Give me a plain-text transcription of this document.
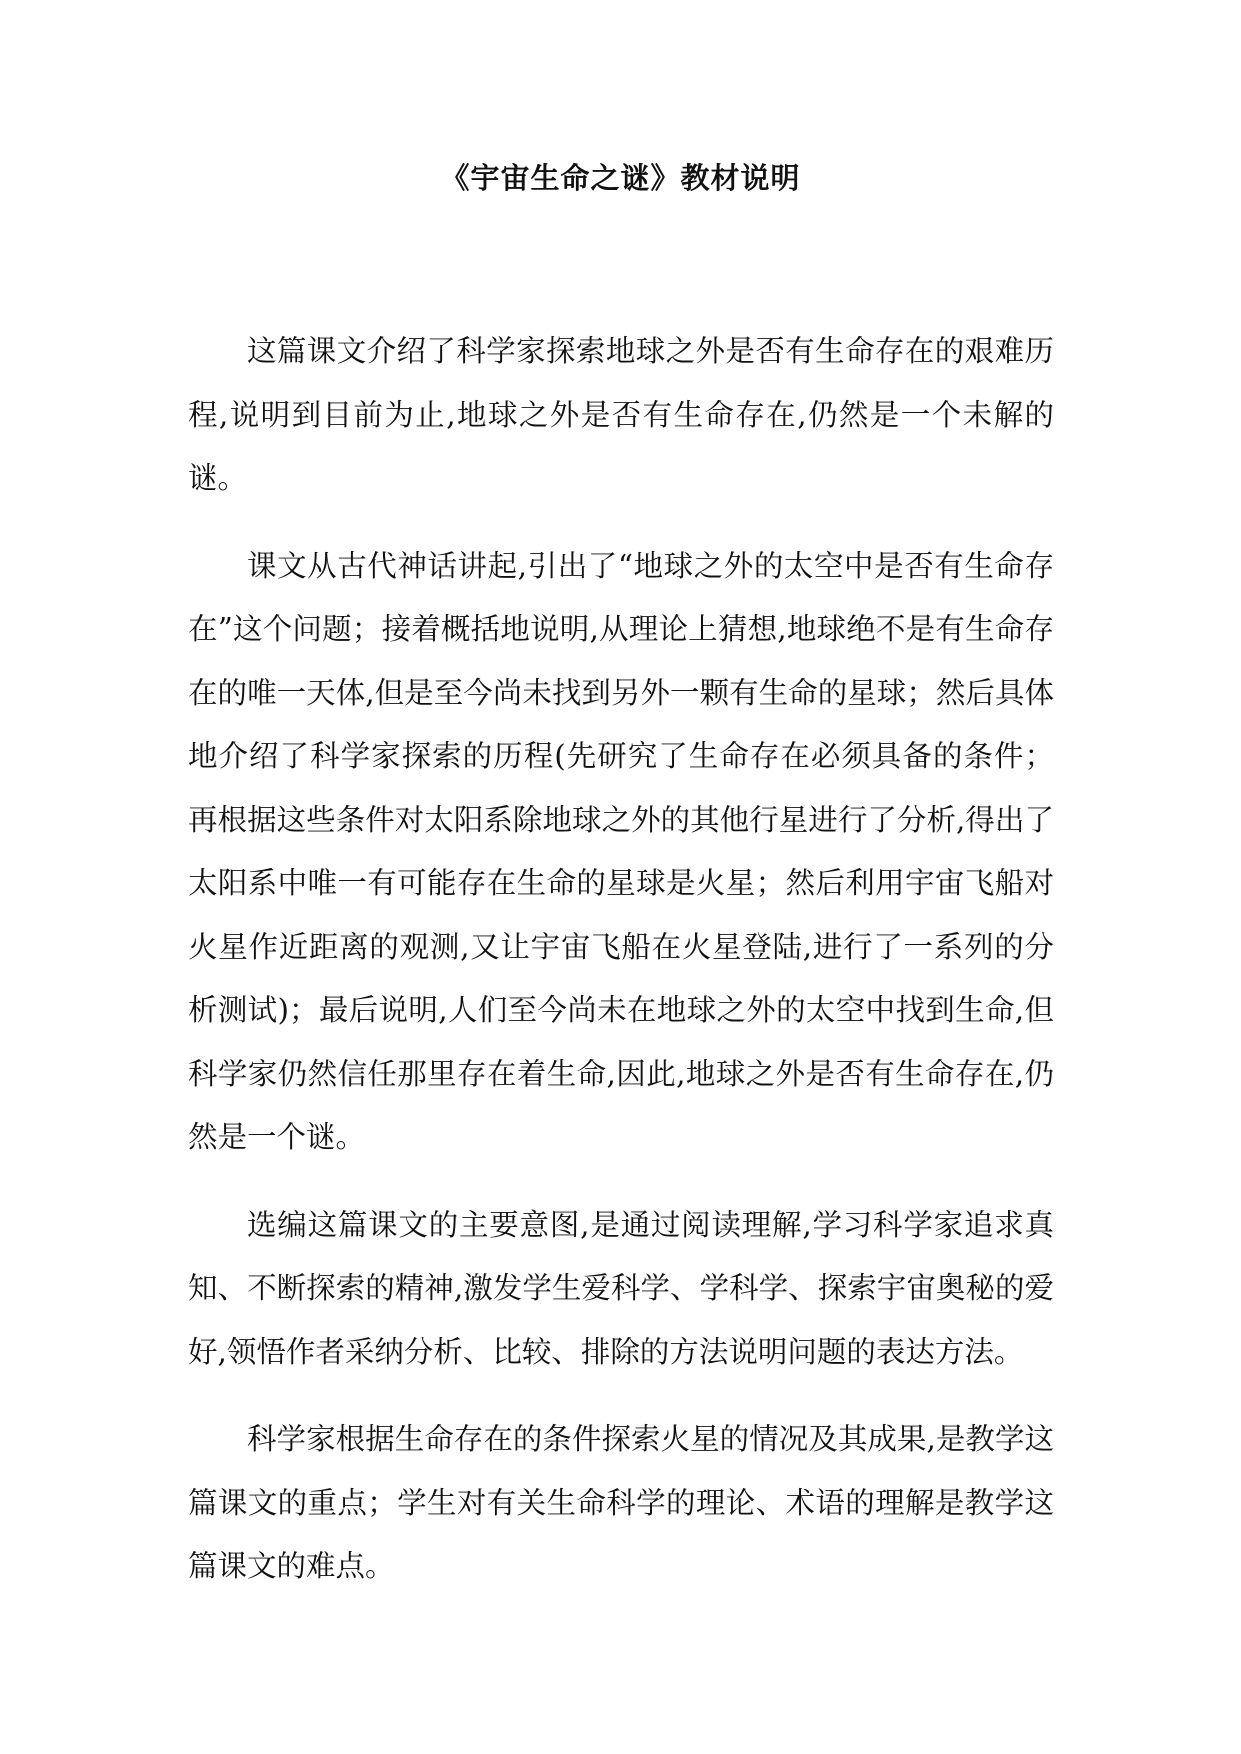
《宇宙生命之谜》教材说明

这篇课文介绍了科学家探索地球之外是否有生命存在的艰难历程,说明到目前为止,地球之外是否有生命存在,仍然是一个未解的谜。

课文从古代神话讲起,引出了“地球之外的太空中是否有生命存在”这个问题；接着概括地说明,从理论上猜想,地球绝不是有生命存在的唯一天体,但是至今尚未找到另外一颗有生命的星球；然后具体地介绍了科学家探索的历程(先研究了生命存在必须具备的条件；再根据这些条件对太阳系除地球之外的其他行星进行了分析,得出了太阳系中唯一有可能存在生命的星球是火星；然后利用宇宙飞船对火星作近距离的观测,又让宇宙飞船在火星登陆,进行了一系列的分析测试)；最后说明,人们至今尚未在地球之外的太空中找到生命,但科学家仍然信任那里存在着生命,因此,地球之外是否有生命存在,仍然是一个谜。

选编这篇课文的主要意图,是通过阅读理解,学习科学家追求真知、不断探索的精神,激发学生爱科学、学科学、探索宇宙奥秘的爱好,领悟作者采纳分析、比较、排除的方法说明问题的表达方法。

科学家根据生命存在的条件探索火星的情况及其成果,是教学这篇课文的重点；学生对有关生命科学的理论、术语的理解是教学这篇课文的难点。
